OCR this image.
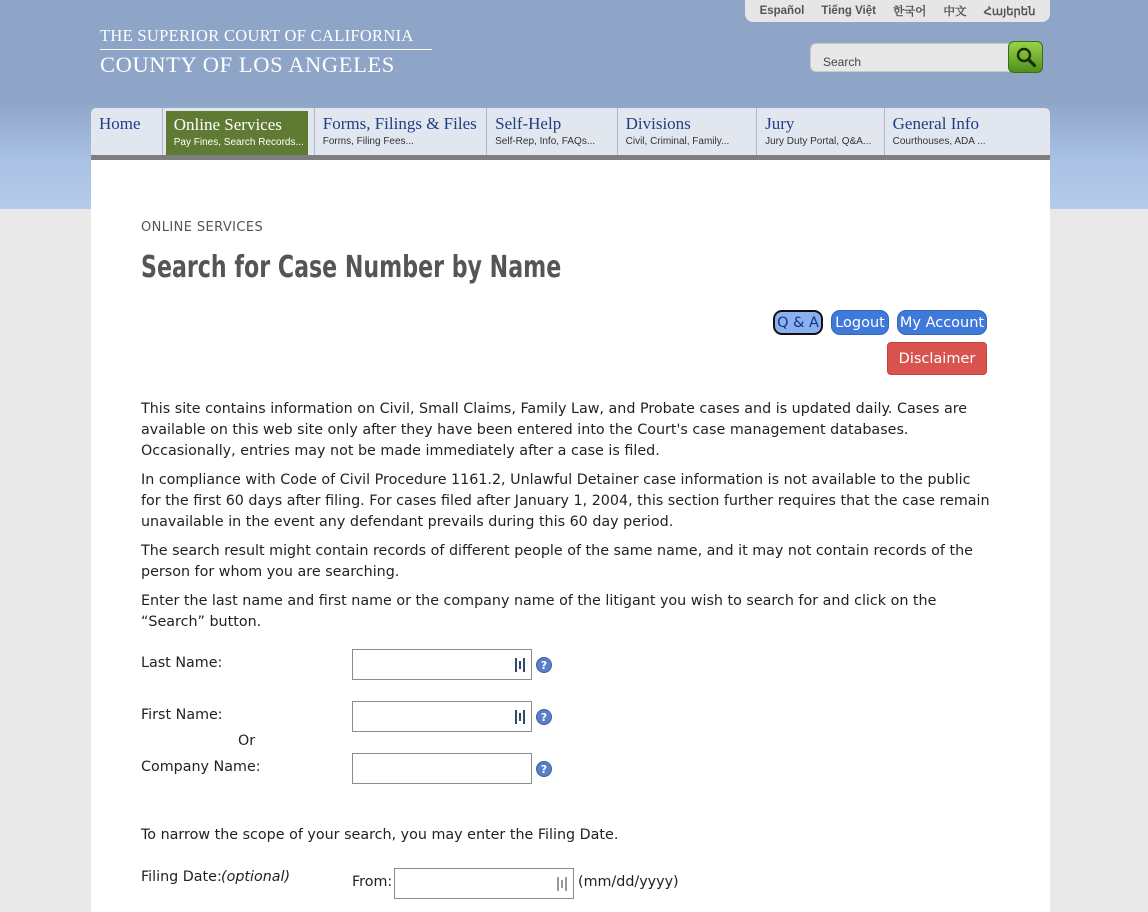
Español Tiếng Việt 한국어 中文 Հայերեն
THE SUPERIOR COURT OF CALIFORNIA
COUNTY OF LOS ANGELES	Search
Home	Online Services
Pay Fines, Search Records...
Forms, Filings & Files
Forms, Filing Fees...
Self-Help
Self-Rep, Info, FAQs...
Divisions
Civil, Criminal, Family...
Jury
Jury Duty Portal, Q&A...
General Info
Courthouses, ADA ...
ONLINE SERVICES
Search for Case Number by Name
Q & A Logout My Account
Disclaimer
This site contains information on Civil, Small Claims, Family Law, and Probate cases and is updated daily. Cases are available on this web site only after they have been entered into the Court's case management databases. Occasionally, entries may not be made immediately after a case is filed.
In compliance with Code of Civil Procedure 1161.2, Unlawful Detainer case information is not available to the public for the first 60 days after filing. For cases filed after January 1, 2004, this section further requires that the case remain unavailable in the event any defendant prevails during this 60 day period.
The search result might contain records of different people of the same name, and it may not contain records of the person for whom you are searching.
Enter the last name and first name or the company name of the litigant you wish to search for and click on the “Search” button.
Last Name:	?
First Name:	?
Or
Company Name:	?
To narrow the scope of your search, you may enter the Filing Date.
Filing Date: (optional)	From:	(mm/dd/yyyy)
